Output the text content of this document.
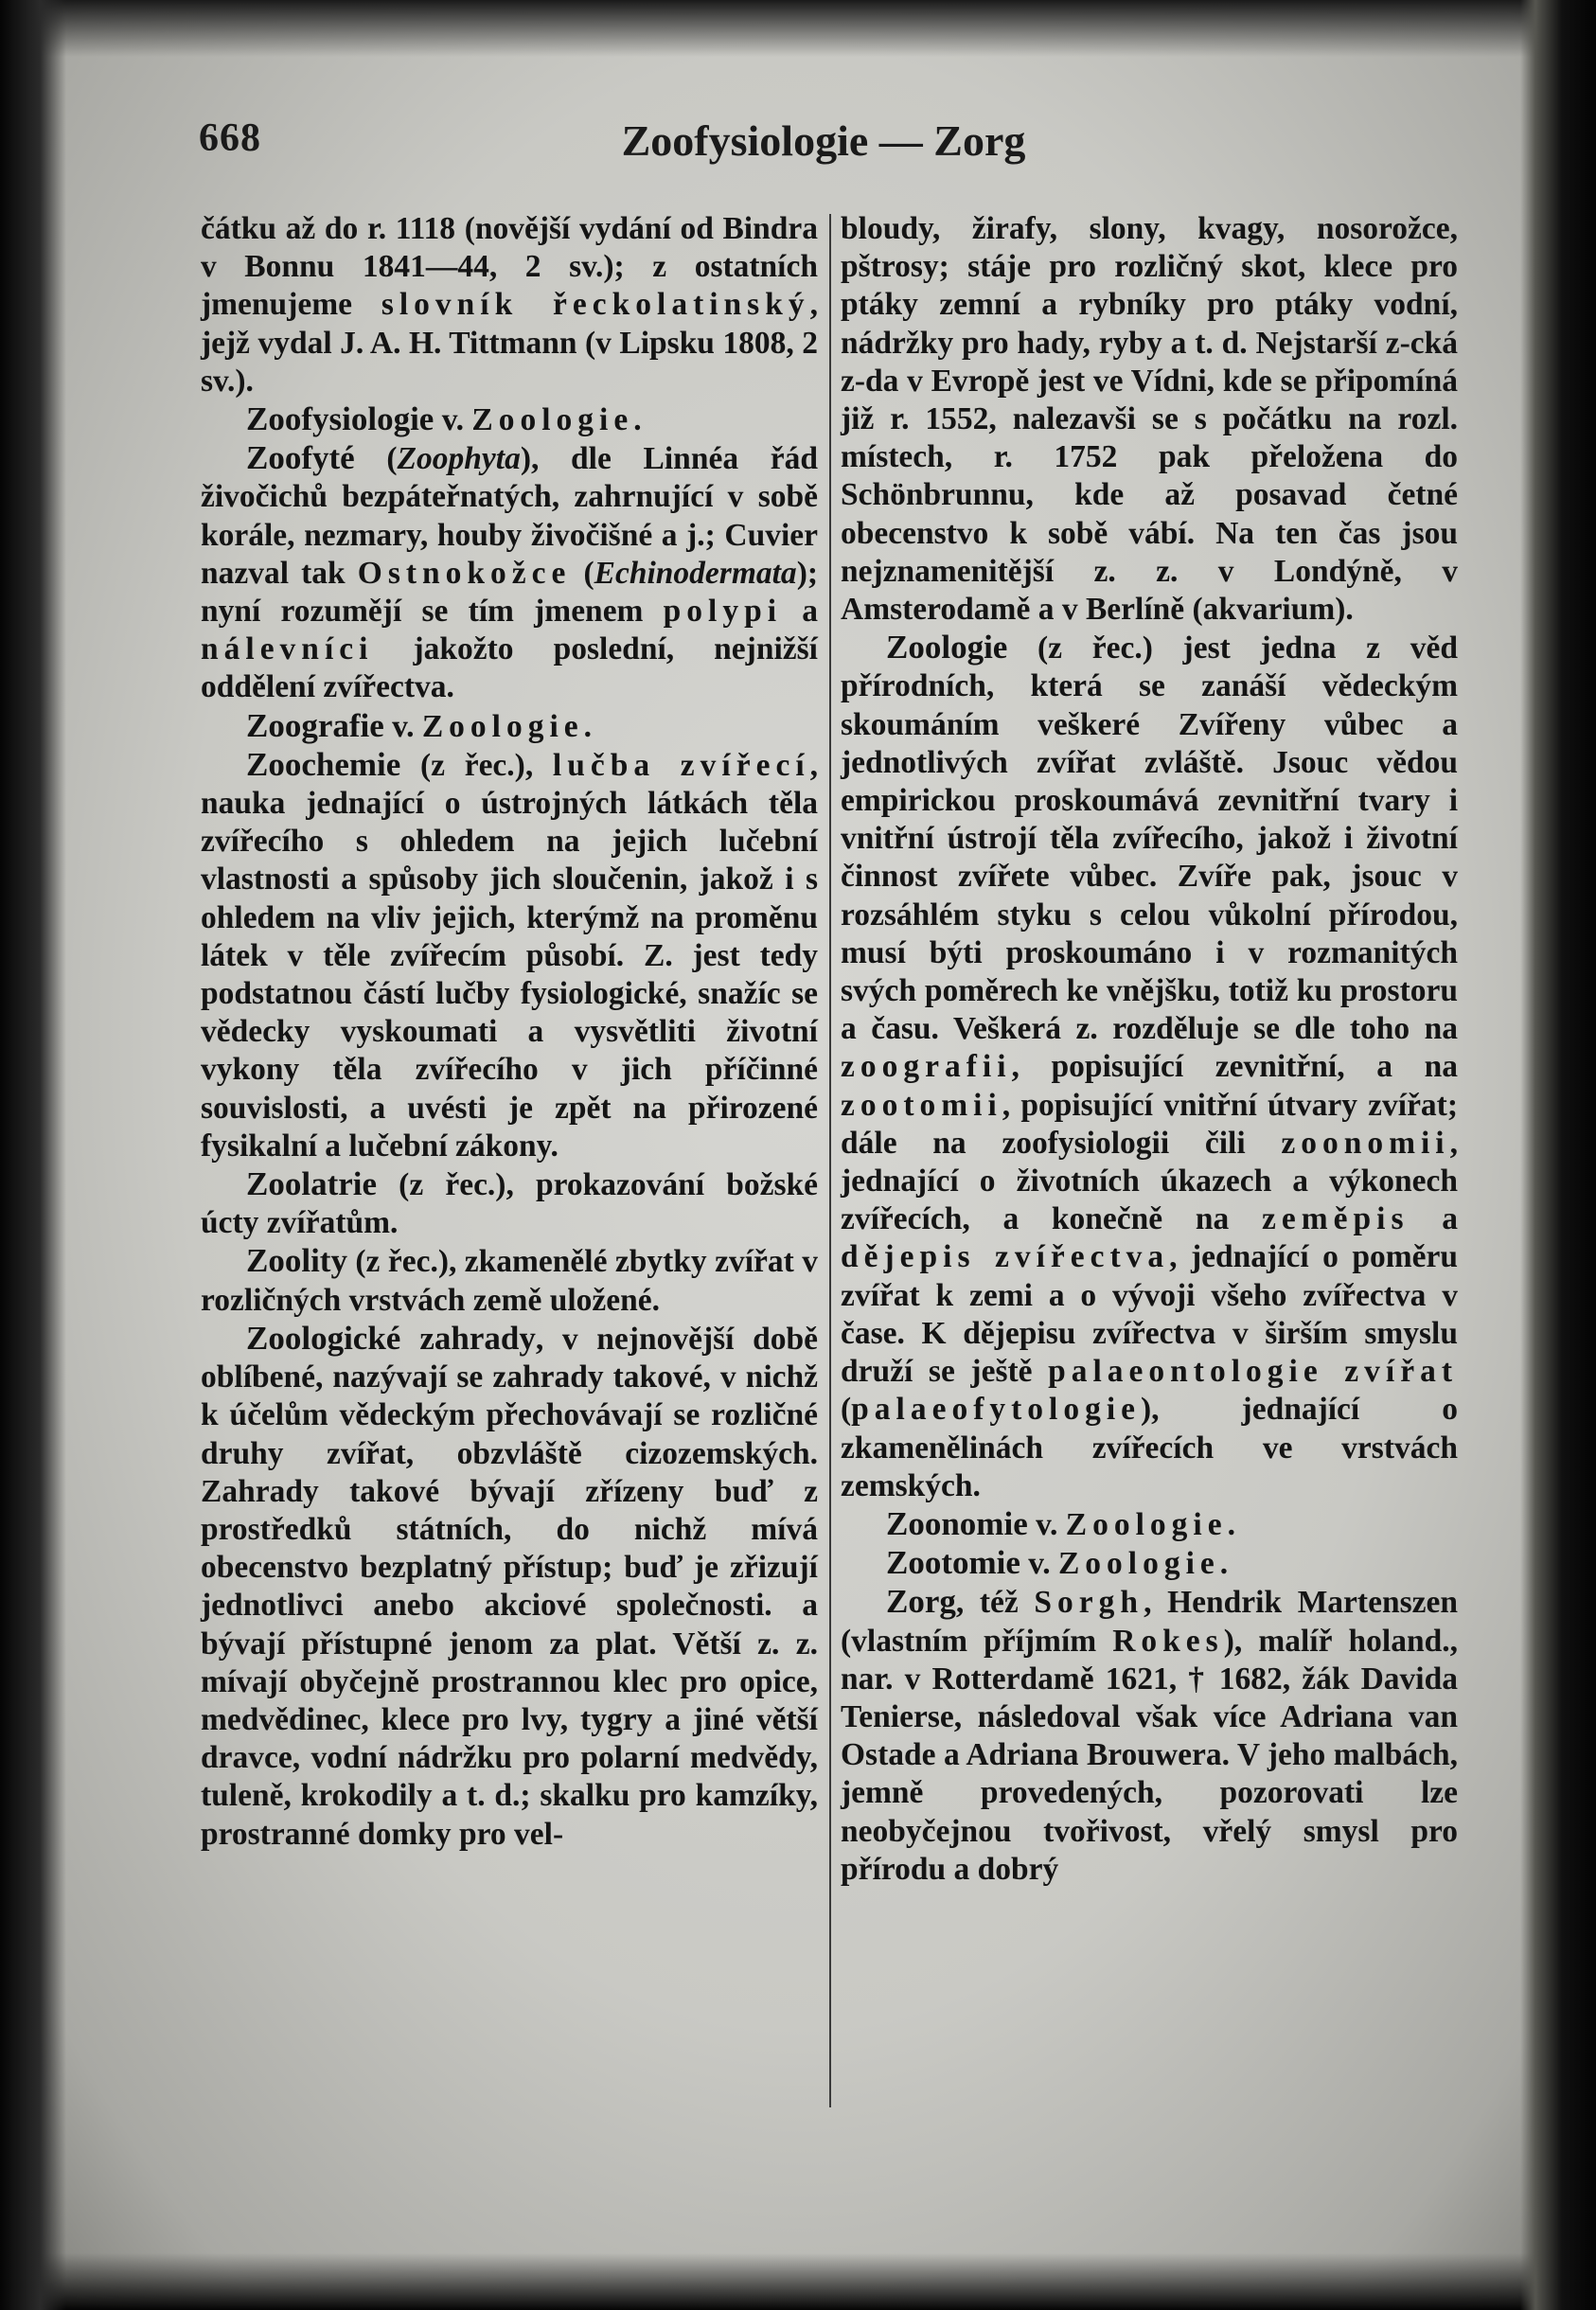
668	Zoofysiologie — Zorg

čátku až do r. 1118 (novější vydání od Bindra v Bonnu 1841—44, 2 sv.); z ostatních jmenujeme slovník řeckolatinský, jejž vydal J. A. H. Tittmann (v Lipsku 1808, 2 sv.).

Zoofysiologie v. Zoologie.

Zoofyté (Zoophyta), dle Linnéa řád živočichů bezpáteřnatých, zahrnující v sobě korále, nezmary, houby živočišné a j.; Cuvier nazval tak Ostnokožce (Echinodermata); nyní rozumějí se tím jmenem polypi a nálevníci jakožto poslední, nejnižší oddělení zvířectva.

Zoografie v. Zoologie.

Zoochemie (z řec.), lučba zvířecí, nauka jednající o ústrojných látkách těla zvířecího s ohledem na jejich lučební vlastnosti a spůsoby jich sloučenin, jakož i s ohledem na vliv jejich, kterýmž na proměnu látek v těle zvířecím působí. Z. jest tedy podstatnou částí lučby fysiologické, snažíc se vědecky vyskoumati a vysvětliti životní vykony těla zvířecího v jich příčinné souvislosti, a uvésti je zpět na přirozené fysikalní a lučební zákony.

Zoolatrie (z řec.), prokazování božské úcty zvířatům.

Zoolity (z řec.), zkamenělé zbytky zvířat v rozličných vrstvách země uložené.

Zoologické zahrady, v nejnovější době oblíbené, nazývají se zahrady takové, v nichž k účelům vědeckým přechovávají se rozličné druhy zvířat, obzvláště cizozemských. Zahrady takové bývají zřízeny buď z prostředků státních, do nichž mívá obecenstvo bezplatný přístup; buď je zřizují jednotlivci anebo akciové společnosti. a bývají přístupné jenom za plat. Větší z. z. mívají obyčejně prostrannou klec pro opice, medvědinec, klece pro lvy, tygry a jiné větší dravce, vodní nádržku pro polarní medvědy, tuleně, krokodily a t. d.; skalku pro kamzíky, prostranné domky pro vel-

bloudy, žirafy, slony, kvagy, nosorožce, pštrosy; stáje pro rozličný skot, klece pro ptáky zemní a rybníky pro ptáky vodní, nádržky pro hady, ryby a t. d. Nejstarší z-cká z-da v Evropě jest ve Vídni, kde se připomíná již r. 1552, nalezavši se s počátku na rozl. místech, r. 1752 pak přeložena do Schönbrunnu, kde až posavad četné obecenstvo k sobě vábí. Na ten čas jsou nejznamenitější z. z. v Londýně, v Amsterodamě a v Berlíně (akvarium).

Zoologie (z řec.) jest jedna z věd přírodních, která se zanáší vědeckým skoumáním veškeré Zvířeny vůbec a jednotlivých zvířat zvláště. Jsouc vědou empirickou proskoumává zevnitřní tvary i vnitřní ústrojí těla zvířecího, jakož i životní činnost zvířete vůbec. Zvíře pak, jsouc v rozsáhlém styku s celou vůkolní přírodou, musí býti proskoumáno i v rozmanitých svých poměrech ke vnějšku, totiž ku prostoru a času. Veškerá z. rozděluje se dle toho na zoografii, popisující zevnitřní, a na zootomii, popisující vnitřní útvary zvířat; dále na zoofysiologii čili zoonomii, jednající o životních úkazech a výkonech zvířecích, a konečně na zeměpis a dějepis zvířectva, jednající o poměru zvířat k zemi a o vývoji všeho zvířectva v čase. K dějepisu zvířectva v širším smyslu druží se ještě palaeontologie zvířat (palaeofytologie), jednající o zkamenělinách zvířecích ve vrstvách zemských.

Zoonomie v. Zoologie.

Zootomie v. Zoologie.

Zorg, též Sorgh, Hendrik Martenszen (vlastním příjmím Rokes), malíř holand., nar. v Rotterdamě 1621, † 1682, žák Davida Tenierse, následoval však více Adriana van Ostade a Adriana Brouwera. V jeho malbách, jemně provedených, pozorovati lze neobyčejnou tvořivost, vřelý smysl pro přírodu a dobrý
